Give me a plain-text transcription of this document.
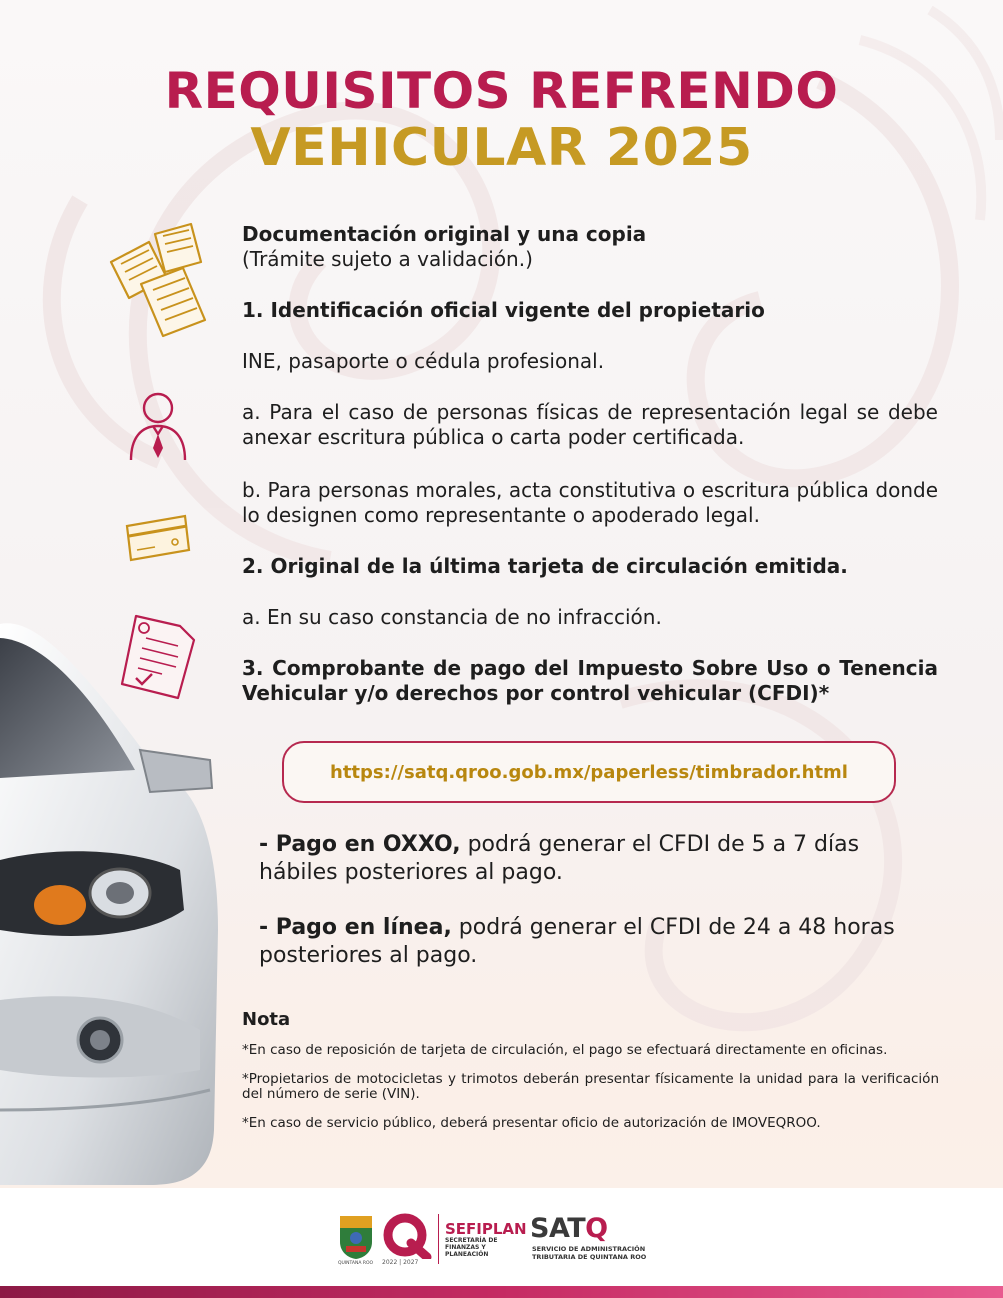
REQUISITOS REFRENDO
VEHICULAR 2025
Documentación original y una copia
(Trámite sujeto a validación.)
1. Identificación oficial vigente del propietario
INE, pasaporte o cédula profesional.
a. Para el caso de personas físicas de representación legal se debe anexar escritura pública o carta poder certificada.
b. Para personas morales, acta constitutiva o escritura pública donde lo designen como representante o apoderado legal.
2. Original de la última tarjeta de circulación emitida.
a. En su caso constancia de no infracción.
3. Comprobante de pago del Impuesto Sobre Uso o Tenencia Vehicular y/o derechos por control vehicular (CFDI)*
https://satq.qroo.gob.mx/paperless/timbrador.html
- Pago en OXXO, podrá generar el CFDI de 5 a 7 días hábiles posteriores al pago.
- Pago en línea, podrá generar el CFDI de 24 a 48 horas posteriores al pago.
Nota
*En caso de reposición de tarjeta de circulación, el pago se efectuará directamente en oficinas.
*Propietarios de motocicletas y trimotos deberán presentar físicamente la unidad para la verificación del número de serie (VIN).
*En caso de servicio público, deberá presentar oficio de autorización de IMOVEQROO.
QUINTANA ROO 2022 | 2027
SEFIPLAN
SECRETARÍA DE FINANZAS Y PLANEACIÓN
SATQ
SERVICIO DE ADMINISTRACIÓN TRIBUTARIA DE QUINTANA ROO
